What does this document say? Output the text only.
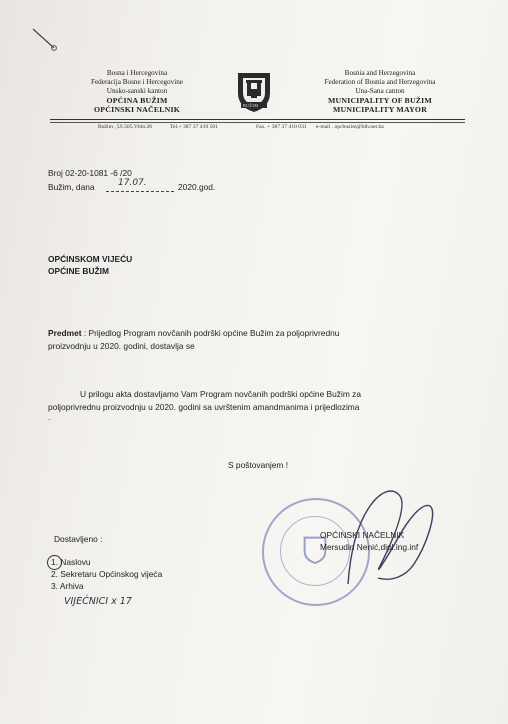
Bosna i Hercegovina
Federacija Bosne i Hercegovine
Unsko-sanski kanton
OPĆINA BUŽIM
OPĆINSKI NAČELNIK	BUŽIM
Bosnia and Herzegovina
Federation of Bosnia and Herzegovina
Una-Sana canton
MUNICIPALITY OF BUŽIM
MUNICIPALITY MAYOR
Bužim , Ul.505.Vbbr.26	Tel.+ 387 37 419 501	Fax. + 387 37 410 031 e-mail . opcbuzim@bih.net.ba
Broj 02-20-1081 -6 /20
Bužim, dana	17.07.	2020.god.
OPĆINSKOM VIJEĆU
OPĆINE BUŽIM
Predmet : Prijedlog Program novčanih podrški općine Bužim za poljoprivrednu
proizvodnju u 2020. godini, dostavlja se
U prilogu akta dostavljamo Vam Program novčanih podrški općine Bužim za
poljoprivrednu proizvodnju u 2020. godini sa uvrštenim amandmanima i prijedlozima
.
S poštovanjem !
OPĆINSKI NAČELNIK
Mersudin Nenić,dipl.ing.inf
Dostavljeno :
1. Naslovu
2. Sekretaru Općinskog vijeća
3. Arhiva
VIJEĆNICI x 17
